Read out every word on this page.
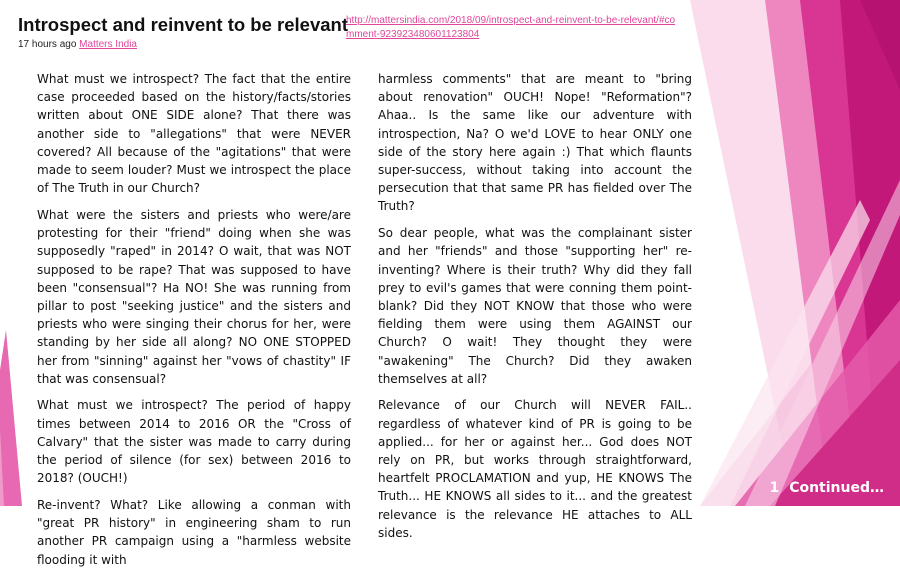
Introspect and reinvent to be relevant
17 hours ago Matters India
http://mattersindia.com/2018/09/introspect-and-reinvent-to-be-relevant/#comment-923923480601123804

What must we introspect? The fact that the entire case proceeded based on the history/facts/stories written about ONE SIDE alone? That there was another side to "allegations" that were NEVER covered? All because of the "agitations" that were made to seem louder? Must we introspect the place of The Truth in our Church?

What were the sisters and priests who were/are protesting for their "friend" doing when she was supposedly "raped" in 2014? O wait, that was NOT supposed to be rape? That was supposed to have been "consensual"? Ha NO! She was running from pillar to post "seeking justice" and the sisters and priests who were singing their chorus for her, were standing by her side all along? NO ONE STOPPED her from "sinning" against her "vows of chastity" IF that was consensual?

What must we introspect? The period of happy times between 2014 to 2016 OR the "Cross of Calvary" that the sister was made to carry during the period of silence (for sex) between 2016 to 2018? (OUCH!)

Re-invent? What? Like allowing a conman with "great PR history" in engineering sham to run another PR campaign using a "harmless website flooding it with

harmless comments" that are meant to "bring about renovation" OUCH! Nope! "Reformation"? Ahaa.. Is the same like our adventure with introspection, Na? O we'd LOVE to hear ONLY one side of the story here again :) That which flaunts super-success, without taking into account the persecution that that same PR has fielded over The Truth?

So dear people, what was the complainant sister and her "friends" and those "supporting her" re-inventing? Where is their truth? Why did they fall prey to evil's games that were conning them point-blank? Did they NOT KNOW that those who were fielding them were using them AGAINST our Church? O wait! They thought they were "awakening" The Church? Did they awaken themselves at all?

Relevance of our Church will NEVER FAIL.. regardless of whatever kind of PR is going to be applied... for her or against her... God does NOT rely on PR, but works through straightforward, heartfelt PROCLAMATION and yup, HE KNOWS The Truth... HE KNOWS all sides to it... and the greatest relevance is the relevance HE attaches to ALL sides.

1 Continued…
